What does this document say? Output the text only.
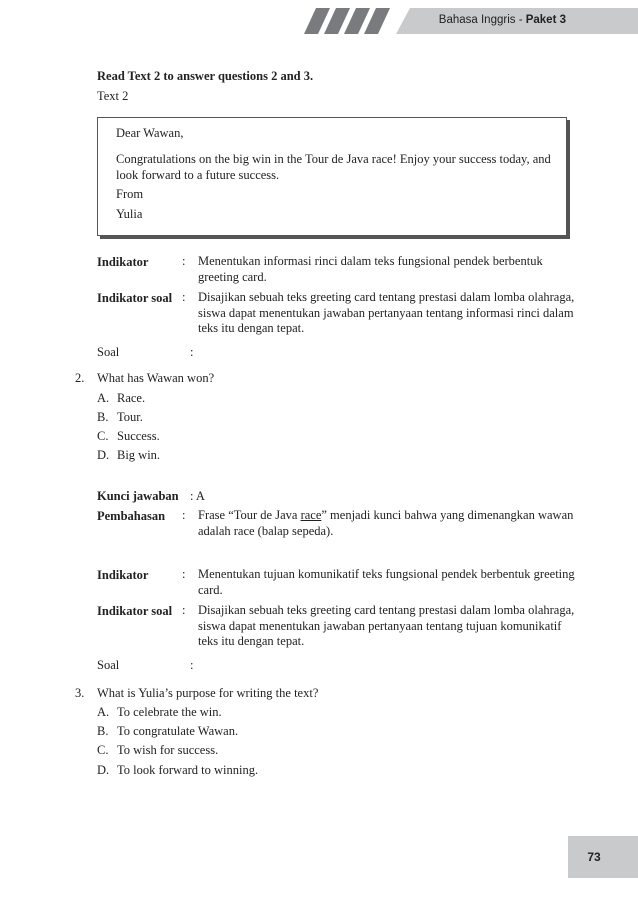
Bahasa Inggris - Paket 3
Read Text 2 to answer questions 2 and 3.
Text 2
Dear Wawan,
Congratulations on the big win in the Tour de Java race! Enjoy your success today, and
look forward to a future success.
From
Yulia
Indikator	: Menentukan informasi rinci dalam teks fungsional pendek berbentuk greeting card.
Indikator soal : Disajikan sebuah teks greeting card tentang prestasi dalam lomba olahraga, siswa dapat menentukan jawaban pertanyaan tentang informasi rinci dalam teks itu dengan tepat.
Soal	:
2. What has Wawan won?
A. Race.
B. Tour.
C. Success.
D. Big win.
Kunci jawaban : A
Pembahasan : Frase “Tour de Java race” menjadi kunci bahwa yang dimenangkan wawan adalah race (balap sepeda).
Indikator	: Menentukan tujuan komunikatif teks fungsional pendek berbentuk greeting card.
Indikator soal : Disajikan sebuah teks greeting card tentang prestasi dalam lomba olahraga, siswa dapat menentukan jawaban pertanyaan tentang tujuan komunikatif teks itu dengan tepat.
Soal	:
3. What is Yulia’s purpose for writing the text?
A. To celebrate the win.
B. To congratulate Wawan.
C. To wish for success.
D. To look forward to winning.
73
